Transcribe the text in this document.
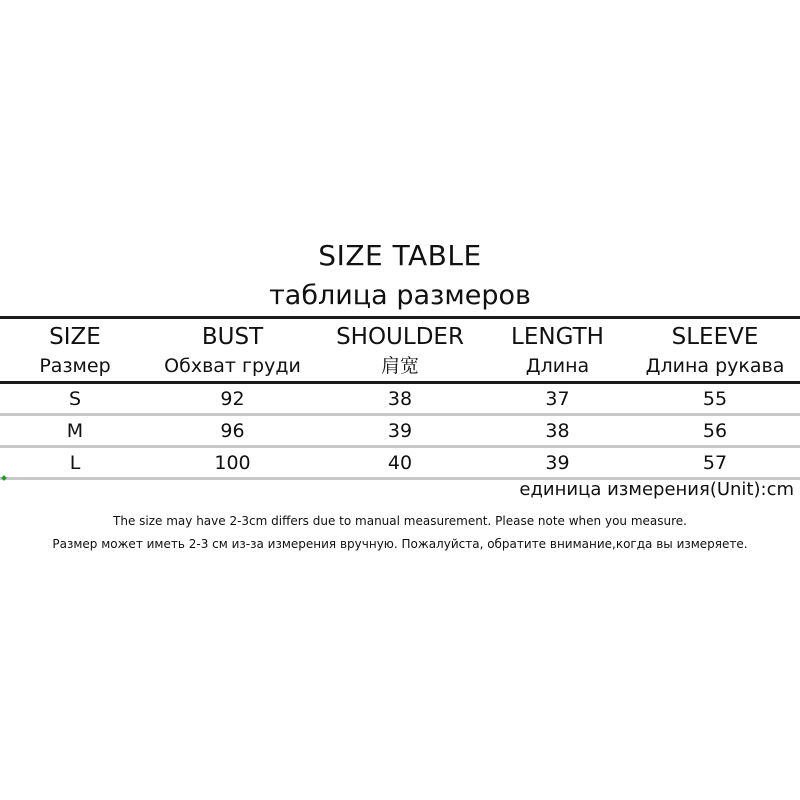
SIZE TABLE
таблица размеров
SIZE	BUST	SHOULDER	LENGTH	SLEEVE
Размер	Обхват груди	肩宽	Длина	Длина рукава
S	92	38	37	55
M	96	39	38	56
L	100	40	39	57
единица измерения(Unit):cm
The size may have 2-3cm differs due to manual measurement. Please note when you measure.
Размер может иметь 2-3 см из-за измерения вручную. Пожалуйста, обратите внимание,когда вы измеряете.
